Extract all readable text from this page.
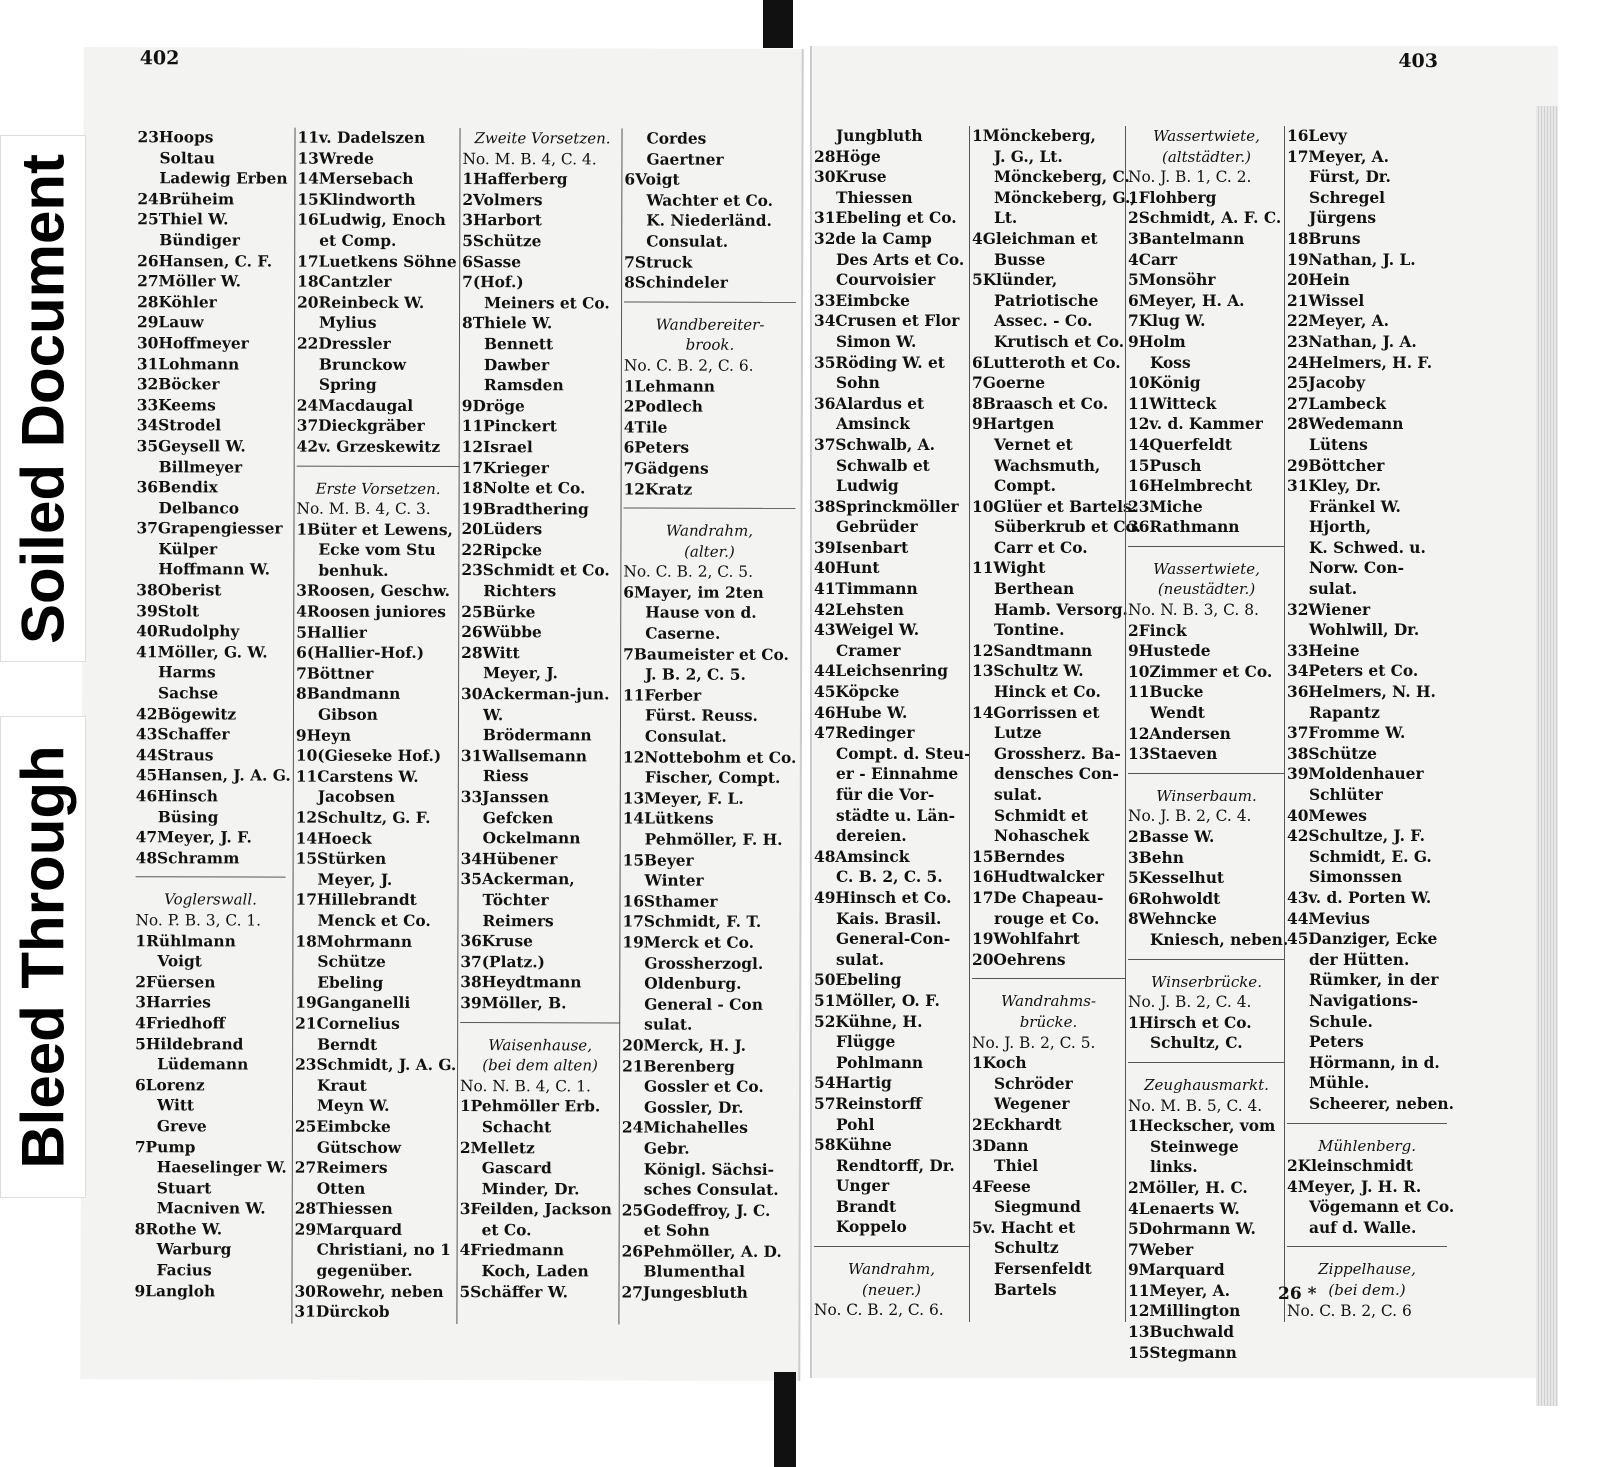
402
23Hoops
Soltau
Ladewig Erben
24Brüheim
25Thiel W.
Bündiger
26Hansen, C. F.
27Möller W.
28Köhler
29Lauw
30Hoffmeyer
31Lohmann
32Böcker
33Keems
34Strodel
35Geysell W.
Billmeyer
36Bendix
Delbanco
37Grapengiesser
Külper
Hoffmann W.
38Oberist
39Stolt
40Rudolphy
41Möller, G. W.
Harms
Sachse
42Bögewitz
43Schaffer
44Straus
45Hansen, J. A. G.
46Hinsch
Büsing
47Meyer, J. F.
48Schramm
Voglerswall.
No. P. B. 3, C. 1.
1Rühlmann
Voigt
2Füersen
3Harries
4Friedhoff
5Hildebrand
Lüdemann
6Lorenz
Witt
Greve
7Pump
Haeselinger W.
Stuart
Macniven W.
8Rothe W.
Warburg
Facius
9Langloh
11v. Dadelszen
13Wrede
14Mersebach
15Klindworth
16Ludwig, Enoch
et Comp.
17Luetkens Söhne
18Cantzler
20Reinbeck W.
Mylius
22Dressler
Brunckow
Spring
24Macdaugal
37Dieckgräber
42v. Grzeskewitz
Erste Vorsetzen.
No. M. B. 4, C. 3.
1Büter et Lewens,
Ecke vom Stu
benhuk.
3Roosen, Geschw.
4Roosen juniores
5Hallier
6(Hallier-Hof.)
7Böttner
8Bandmann
Gibson
9Heyn
10(Gieseke Hof.)
11Carstens W.
Jacobsen
12Schultz, G. F.
14Hoeck
15Stürken
Meyer, J.
17Hillebrandt
Menck et Co.
18Mohrmann
Schütze
Ebeling
19Ganganelli
21Cornelius
Berndt
23Schmidt, J. A. G.
Kraut
Meyn W.
25Eimbcke
Gütschow
27Reimers
Otten
28Thiessen
29Marquard
Christiani, no 1
gegenüber.
30Rowehr, neben
31Dürckob
Zweite Vorsetzen.
No. M. B. 4, C. 4.
1Hafferberg
2Volmers
3Harbort
5Schütze
6Sasse
7(Hof.)
Meiners et Co.
8Thiele W.
Bennett
Dawber
Ramsden
9Dröge
11Pinckert
12Israel
17Krieger
18Nolte et Co.
19Bradthering
20Lüders
22Ripcke
23Schmidt et Co.
Richters
25Bürke
26Wübbe
28Witt
Meyer, J.
30Ackerman-jun.
W.
Brödermann
31Wallsemann
Riess
33Janssen
Gefcken
Ockelmann
34Hübener
35Ackerman,
Töchter
Reimers
36Kruse
37(Platz.)
38Heydtmann
39Möller, B.
Waisenhause,
(bei dem alten)
No. N. B. 4, C. 1.
1Pehmöller Erb.
Schacht
2Melletz
Gascard
Minder, Dr.
3Feilden, Jackson
et Co.
4Friedmann
Koch, Laden
5Schäffer W.
Cordes
Gaertner
6Voigt
Wachter et Co.
K. Niederländ.
Consulat.
7Struck
8Schindeler
Wandbereiter-
brook.
No. C. B. 2, C. 6.
1Lehmann
2Podlech
4Tile
6Peters
7Gädgens
12Kratz
Wandrahm,
(alter.)
No. C. B. 2, C. 5.
6Mayer, im 2ten
Hause von d.
Caserne.
7Baumeister et Co.
J. B. 2, C. 5.
11Ferber
Fürst. Reuss.
Consulat.
12Nottebohm et Co.
Fischer, Compt.
13Meyer, F. L.
14Lütkens
Pehmöller, F. H.
15Beyer
Winter
16Sthamer
17Schmidt, F. T.
19Merck et Co.
Grossherzogl.
Oldenburg.
General - Con
sulat.
20Merck, H. J.
21Berenberg
Gossler et Co.
Gossler, Dr.
24Michahelles
Gebr.
Königl. Sächsi-
sches Consulat.
25Godeffroy, J. C.
et Sohn
26Pehmöller, A. D.
Blumenthal
27Jungesbluth
403
Jungbluth
28Höge
30Kruse
Thiessen
31Ebeling et Co.
32de la Camp
Des Arts et Co.
Courvoisier
33Eimbcke
34Crusen et Flor
Simon W.
35Röding W. et
Sohn
36Alardus et
Amsinck
37Schwalb, A.
Schwalb et
Ludwig
38Sprinckmöller
Gebrüder
39Isenbart
40Hunt
41Timmann
42Lehsten
43Weigel W.
Cramer
44Leichsenring
45Köpcke
46Hube W.
47Redinger
Compt. d. Steu-
er - Einnahme
für die Vor-
städte u. Län-
dereien.
48Amsinck
C. B. 2, C. 5.
49Hinsch et Co.
Kais. Brasil.
General-Con-
sulat.
50Ebeling
51Möller, O. F.
52Kühne, H.
Flügge
Pohlmann
54Hartig
57Reinstorff
Pohl
58Kühne
Rendtorff, Dr.
Unger
Brandt
Koppelo
Wandrahm,
(neuer.)
No. C. B. 2, C. 6.
1Mönckeberg,
J. G., Lt.
Mönckeberg, C.
Mönckeberg, G.,
Lt.
4Gleichman et
Busse
5Klünder,
Patriotische
Assec. - Co.
Krutisch et Co.
6Lutteroth et Co.
7Goerne
8Braasch et Co.
9Hartgen
Vernet et
Wachsmuth,
Compt.
10Glüer et Bartels.
Süberkrub et Co.
Carr et Co.
11Wight
Berthean
Hamb. Versorg.
Tontine.
12Sandtmann
13Schultz W.
Hinck et Co.
14Gorrissen et
Lutze
Grossherz. Ba-
densches Con-
sulat.
Schmidt et
Nohaschek
15Berndes
16Hudtwalcker
17De Chapeau-
rouge et Co.
19Wohlfahrt
20Oehrens
Wandrahms-
brücke.
No. J. B. 2, C. 5.
1Koch
Schröder
Wegener
2Eckhardt
3Dann
Thiel
4Feese
Siegmund
5v. Hacht et
Schultz
Fersenfeldt
Bartels
Wassertwiete,
(altstädter.)
No. J. B. 1, C. 2.
1Flohberg
2Schmidt, A. F. C.
3Bantelmann
4Carr
5Monsöhr
6Meyer, H. A.
7Klug W.
9Holm
Koss
10König
11Witteck
12v. d. Kammer
14Querfeldt
15Pusch
16Helmbrecht
23Miche
36Rathmann
Wassertwiete,
(neustädter.)
No. N. B. 3, C. 8.
2Finck
9Hustede
10Zimmer et Co.
11Bucke
Wendt
12Andersen
13Staeven
Winserbaum.
No. J. B. 2, C. 4.
2Basse W.
3Behn
5Kesselhut
6Rohwoldt
8Wehncke
Kniesch, neben.
Winserbrücke.
No. J. B. 2, C. 4.
1Hirsch et Co.
Schultz, C.
Zeughausmarkt.
No. M. B. 5, C. 4.
1Heckscher, vom
Steinwege
links.
2Möller, H. C.
4Lenaerts W.
5Dohrmann W.
7Weber
9Marquard
11Meyer, A.
12Millington
13Buchwald
15Stegmann
16Levy
17Meyer, A.
Fürst, Dr.
Schregel
Jürgens
18Bruns
19Nathan, J. L.
20Hein
21Wissel
22Meyer, A.
23Nathan, J. A.
24Helmers, H. F.
25Jacoby
27Lambeck
28Wedemann
Lütens
29Böttcher
31Kley, Dr.
Fränkel W.
Hjorth,
K. Schwed. u.
Norw. Con-
sulat.
32Wiener
Wohlwill, Dr.
33Heine
34Peters et Co.
36Helmers, N. H.
Rapantz
37Fromme W.
38Schütze
39Moldenhauer
Schlüter
40Mewes
42Schultze, J. F.
Schmidt, E. G.
Simonssen
43v. d. Porten W.
44Mevius
45Danziger, Ecke
der Hütten.
Rümker, in der
Navigations-
Schule.
Peters
Hörmann, in d.
Mühle.
Scheerer, neben.
Mühlenberg.
2Kleinschmidt
4Meyer, J. H. R.
Vögemann et Co.
auf d. Walle.
Zippelhause,
(bei dem.)
No. C. B. 2, C. 6
26 *
Soiled Document
Bleed Through
